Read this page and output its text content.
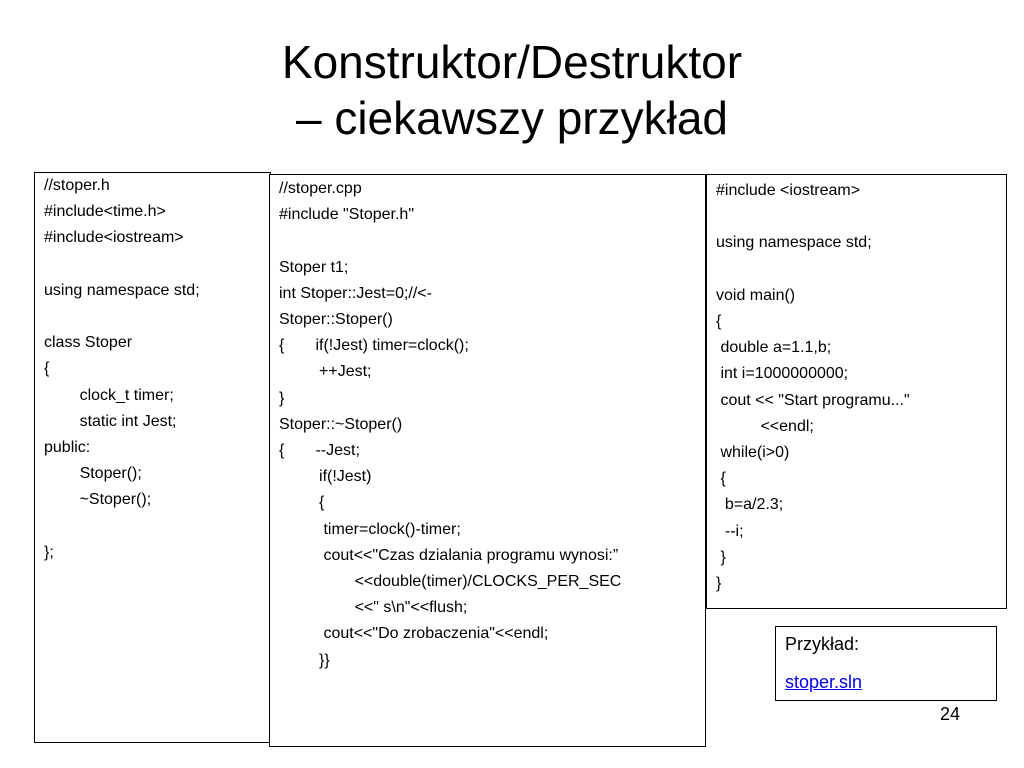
Konstruktor/Destruktor
– ciekawszy przykład
//stoper.h
#include<time.h>
#include<iostream>
using namespace std;
class Stoper
{
clock_t timer;
static int Jest;
public:
Stoper();
~Stoper();
};
//stoper.cpp
#include "Stoper.h"
Stoper t1;
int Stoper::Jest=0;//<-
Stoper::Stoper()
{       if(!Jest) timer=clock();
++Jest;
}
Stoper::~Stoper()
{       --Jest;
if(!Jest)
{
timer=clock()-timer;
cout<<"Czas dzialania programu wynosi:”
<<double(timer)/CLOCKS_PER_SEC
<<" s\n"<<flush;
cout<<"Do zrobaczenia"<<endl;
}}
#include <iostream>
using namespace std;
void main()
{
double a=1.1,b;
int i=1000000000;
cout << "Start programu..."
<<endl;
while(i>0)
{
b=a/2.3;
--i;
}
}
Przykład:
stoper.sln
24
